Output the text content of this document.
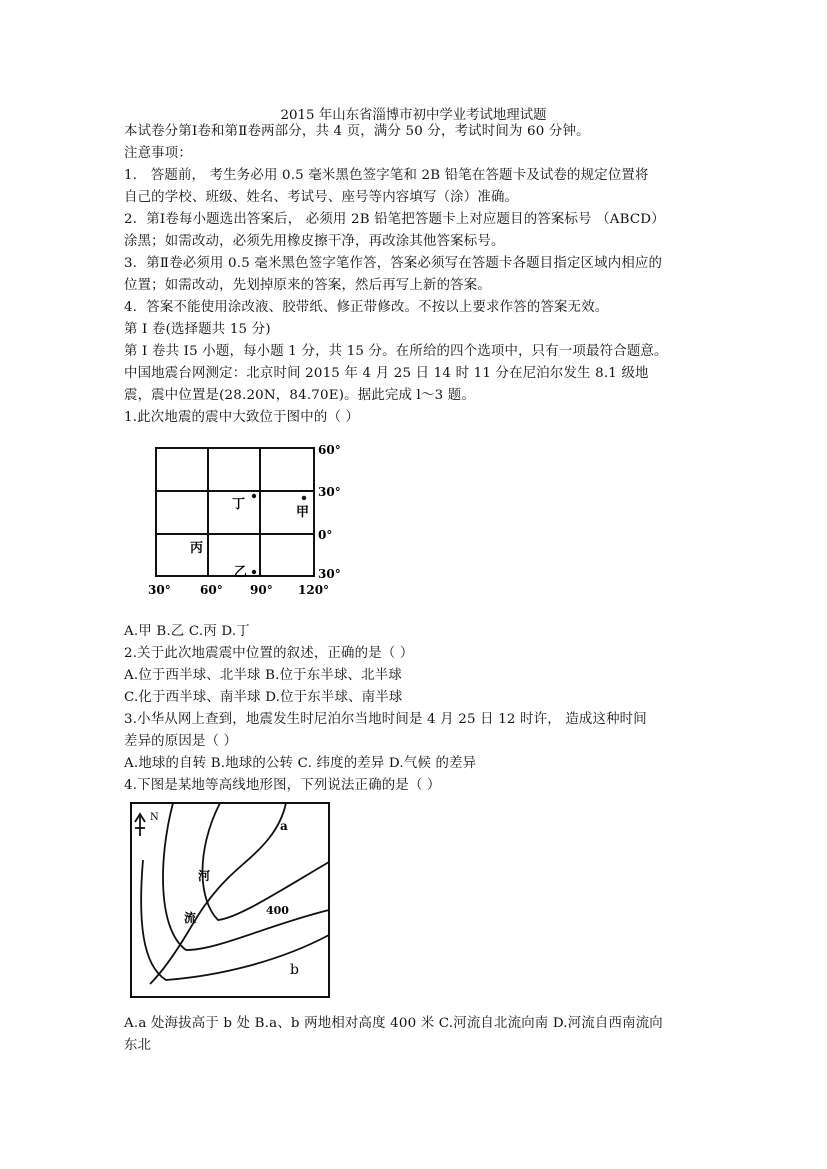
2015 年山东省淄博市初中学业考试地理试题
本试卷分第Ⅰ卷和第Ⅱ卷两部分，共 4 页，满分 50 分，考试时间为 60 分钟。
注意事项：
1． 答题前， 考生务必用 0.5 毫米黑色签字笔和 2B 铅笔在答题卡及试卷的规定位置将
自己的学校、班级、姓名、考试号、座号等内容填写（涂）准确。
2．第Ⅰ卷每小题选出答案后， 必须用 2B 铅笔把答题卡上对应题目的答案标号 （ABCD）
涂黑；如需改动，必须先用橡皮擦干净，再改涂其他答案标号。
3．第Ⅱ卷必须用 0.5 毫米黑色签字笔作答，答案必须写在答题卡各题目指定区域内相应的
位置；如需改动，先划掉原来的答案，然后再写上新的答案。
4．答案不能使用涂改液、胶带纸、修正带修改。不按以上要求作答的答案无效。
第 Ⅰ 卷(选择题共 15 分)
第 Ⅰ 卷共 I5 小题，每小题 1 分，共 15 分。在所给的四个选项中，只有一项最符合题意。
中国地震台网测定：北京时间 2015 年 4 月 25 日 14 时 11 分在尼泊尔发生 8.1 级地
震，震中位置是(28.20N，84.70E)。据此完成 l～3 题。
1.此次地震的震中大致位于图中的（ ）
60°
30°
0°
30°
30° 60° 90° 120°
甲
乙
丙
丁
A.甲 B.乙 C.丙 D.丁
2.关于此次地震震中位置的叙述，正确的是（ ）
A.位于西半球、北半球 B.位于东半球、北半球
C.化于西半球、南半球 D.位于东半球、南半球
3.小华从网上查到，地震发生时尼泊尔当地时间是 4 月 25 日 12 时许， 造成这种时间
差异的原因是（ ）
A.地球的自转 B.地球的公转 C. 纬度的差异 D.气候 的差异
4.下图是某地等高线地形图，下列说法正确的是（ ）
N
a
河
流
400
b
A.a 处海拔高于 b 处 B.a、b 两地相对高度 400 米 C.河流自北流向南 D.河流自西南流向
东北
